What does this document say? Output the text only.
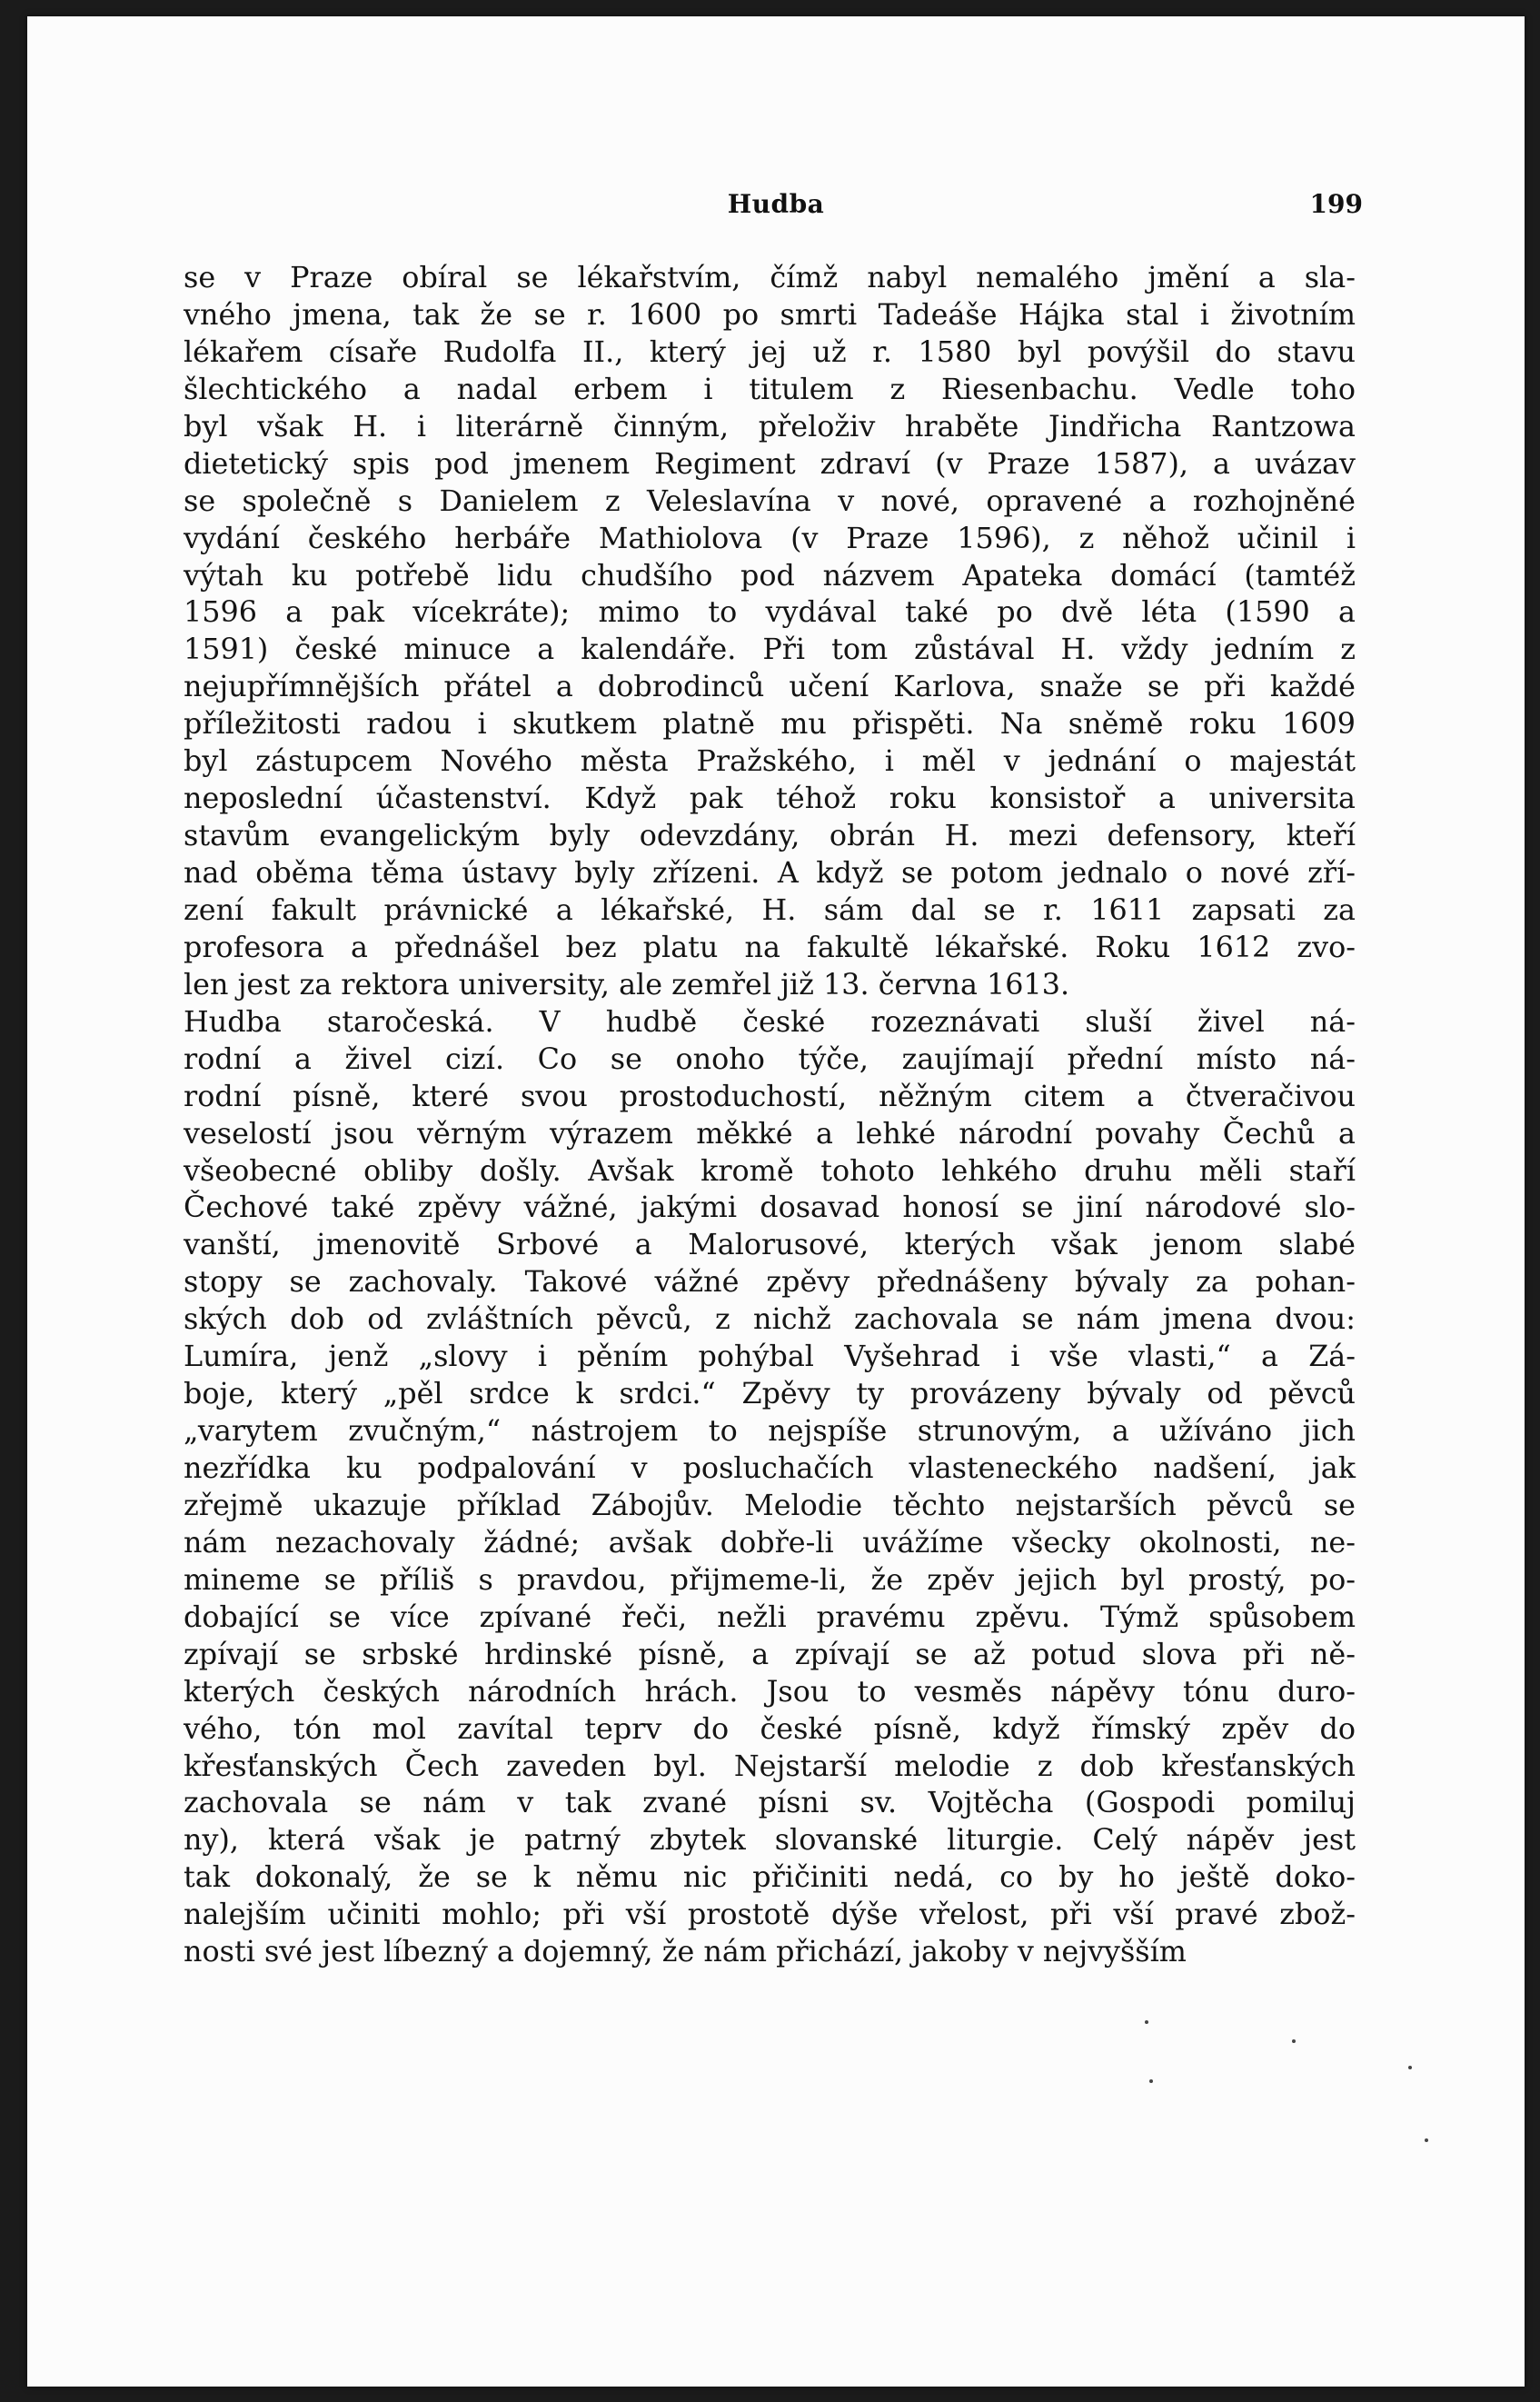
Hudba	199
se v Praze obíral se lékařstvím, čímž nabyl nemalého jmění a sla-
vného jmena, tak že se r. 1600 po smrti Tadeáše Hájka stal i životním
lékařem císaře Rudolfa II., který jej už r. 1580 byl povýšil do stavu
šlechtického a nadal erbem i titulem z Riesenbachu. Vedle toho
byl však H. i literárně činným, přeloživ hraběte Jindřicha Rantzowa
dietetický spis pod jmenem Regiment zdraví (v Praze 1587), a uvázav
se společně s Danielem z Veleslavína v nové, opravené a rozhojněné
vydání českého herbáře Mathiolova (v Praze 1596), z něhož učinil i
výtah ku potřebě lidu chudšího pod názvem Apateka domácí (tamtéž
1596 a pak vícekráte); mimo to vydával také po dvě léta (1590 a
1591) české minuce a kalendáře. Při tom zůstával H. vždy jedním z
nejupřímnějších přátel a dobrodinců učení Karlova, snaže se při každé
příležitosti radou i skutkem platně mu přispěti. Na sněmě roku 1609
byl zástupcem Nového města Pražského, i měl v jednání o majestát
neposlední účastenství. Když pak téhož roku konsistoř a universita
stavům evangelickým byly odevzdány, obrán H. mezi defensory, kteří
nad oběma těma ústavy byly zřízeni. A když se potom jednalo o nové zří-
zení fakult právnické a lékařské, H. sám dal se r. 1611 zapsati za
profesora a přednášel bez platu na fakultě lékařské. Roku 1612 zvo-
len jest za rektora university, ale zemřel již 13. června 1613.
Hudba staročeská. V hudbě české rozeznávati sluší živel ná-
rodní a živel cizí. Co se onoho týče, zaujímají přední místo ná-
rodní písně, které svou prostoduchostí, něžným citem a čtveračivou
veselostí jsou věrným výrazem měkké a lehké národní povahy Čechů a
všeobecné obliby došly. Avšak kromě tohoto lehkého druhu měli staří
Čechové také zpěvy vážné, jakými dosavad honosí se jiní národové slo-
vanští, jmenovitě Srbové a Malorusové, kterých však jenom slabé
stopy se zachovaly. Takové vážné zpěvy přednášeny bývaly za pohan-
ských dob od zvláštních pěvců, z nichž zachovala se nám jmena dvou:
Lumíra, jenž „slovy i pěním pohýbal Vyšehrad i vše vlasti,“ a Zá-
boje, který „pěl srdce k srdci.“ Zpěvy ty provázeny bývaly od pěvců
„varytem zvučným,“ nástrojem to nejspíše strunovým, a užíváno jich
nezřídka ku podpalování v posluchačích vlasteneckého nadšení, jak
zřejmě ukazuje příklad Zábojův. Melodie těchto nejstarších pěvců se
nám nezachovaly žádné; avšak dobře-li uvážíme všecky okolnosti, ne-
mineme se příliš s pravdou, přijmeme-li, že zpěv jejich byl prostý, po-
dobající se více zpívané řeči, nežli pravému zpěvu. Týmž spůsobem
zpívají se srbské hrdinské písně, a zpívají se až potud slova při ně-
kterých českých národních hrách. Jsou to vesměs nápěvy tónu duro-
vého, tón mol zavítal teprv do české písně, když římský zpěv do
křesťanských Čech zaveden byl. Nejstarší melodie z dob křesťanských
zachovala se nám v tak zvané písni sv. Vojtěcha (Gospodi pomiluj
ny), která však je patrný zbytek slovanské liturgie. Celý nápěv jest
tak dokonalý, že se k němu nic přičiniti nedá, co by ho ještě doko-
nalejším učiniti mohlo; při vší prostotě dýše vřelost, při vší pravé zbož-
nosti své jest líbezný a dojemný, že nám přichází, jakoby v nejvyšším
